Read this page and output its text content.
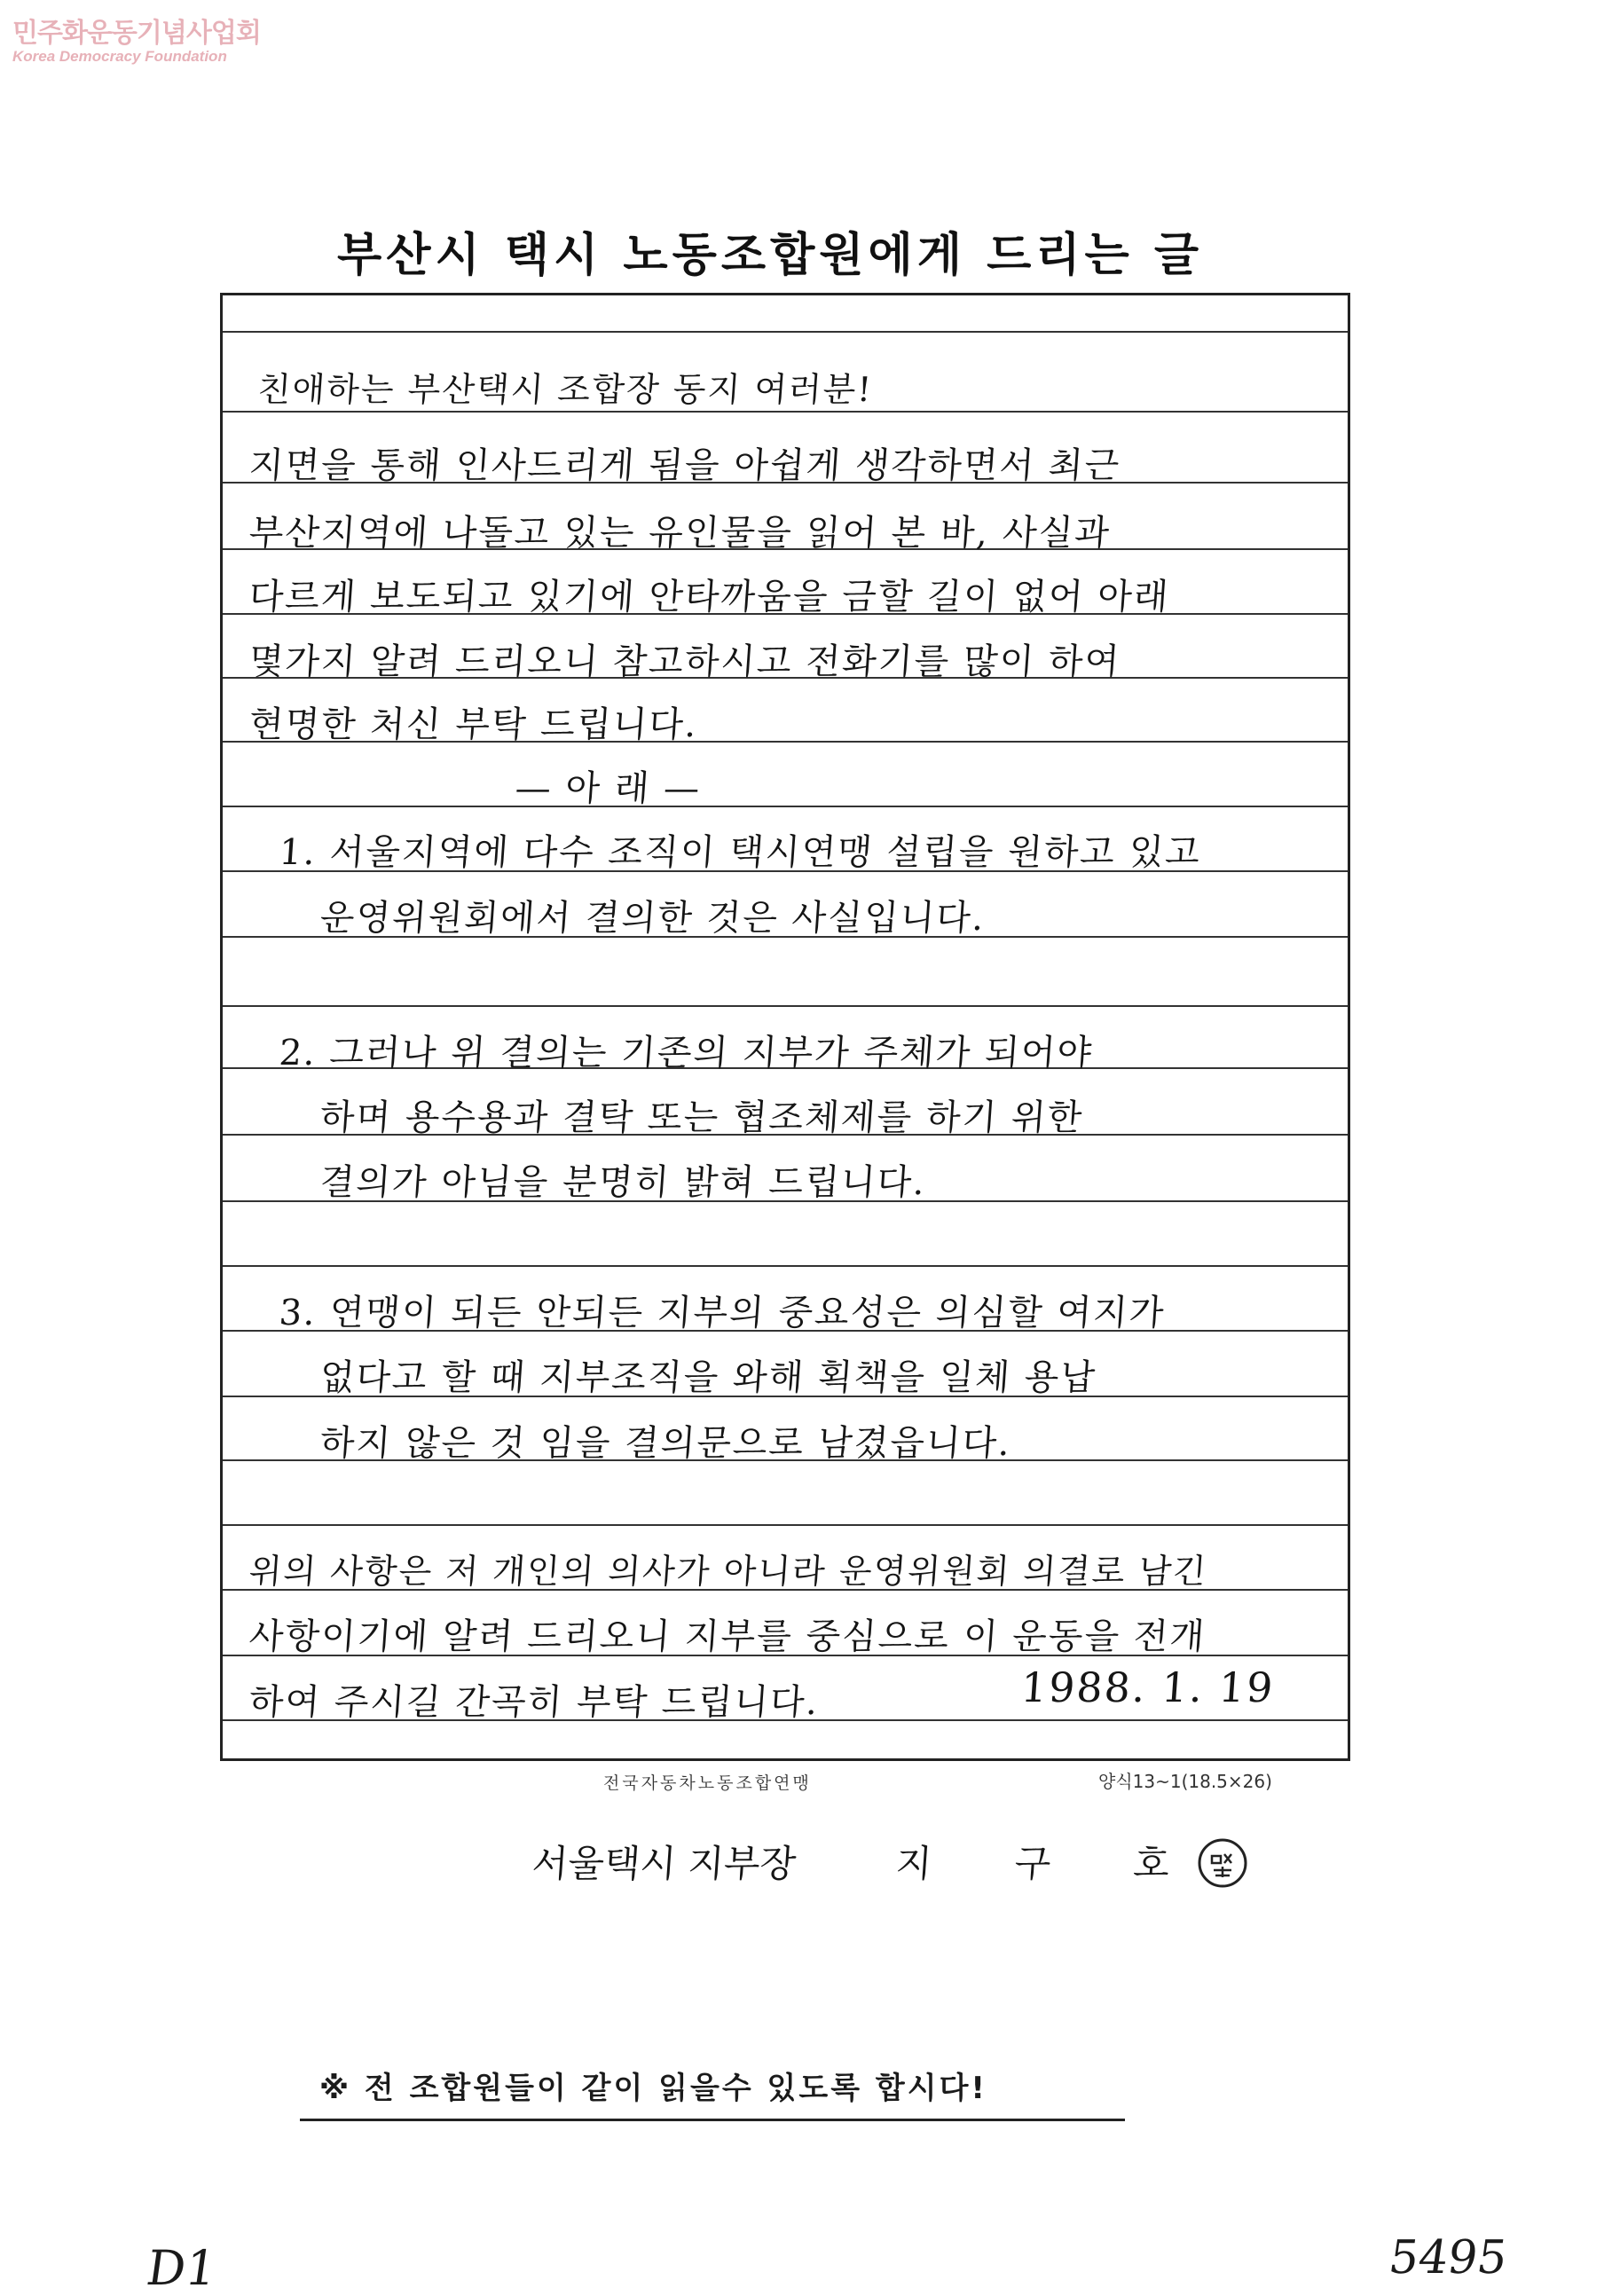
민주화운동기념사업회
Korea Democracy Foundation
부산시 택시 노동조합원에게 드리는 글
친애하는 부산택시 조합장 동지 여러분!
지면을 통해 인사드리게 됨을 아쉽게 생각하면서 최근
부산지역에 나돌고 있는 유인물을 읽어 본 바, 사실과
다르게 보도되고 있기에 안타까움을 금할 길이 없어 아래
몇가지 알려 드리오니 참고하시고 전화기를 많이 하여
현명한 처신 부탁 드립니다.
— 아 래 —
1. 서울지역에 다수 조직이 택시연맹 설립을 원하고 있고
운영위원회에서 결의한 것은 사실입니다.
2. 그러나 위 결의는 기존의 지부가 주체가 되어야
하며 용수용과 결탁 또는 협조체제를 하기 위한
결의가 아님을 분명히 밝혀 드립니다.
3. 연맹이 되든 안되든 지부의 중요성은 의심할 여지가
없다고 할 때 지부조직을 와해 획책을 일체 용납
하지 않은 것 임을 결의문으로 남겼읍니다.
위의 사항은 저 개인의 의사가 아니라 운영위원회 의결로 남긴
사항이기에 알려 드리오니 지부를 중심으로 이 운동을 전개
하여 주시길 간곡히 부탁 드립니다.	1988. 1. 19
전국자동차노동조합연맹	양식13~1(18.5×26)
서울택시 지부장	지 구 호
※ 전 조합원들이 같이 읽을수 있도록 합시다!
D1	5495
